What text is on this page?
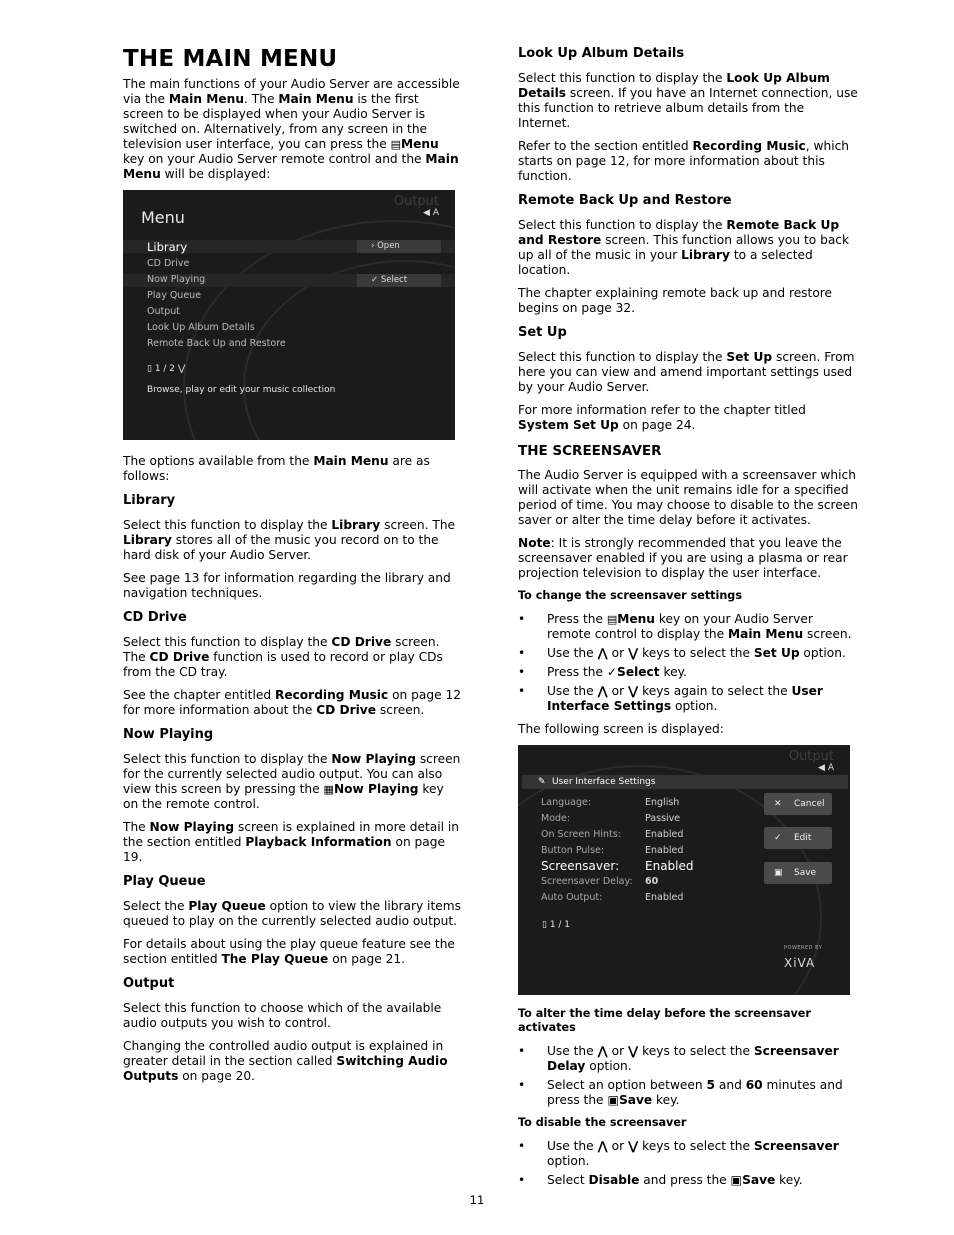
THE MAIN MENU

The main functions of your Audio Server are accessible via the Main Menu. The Main Menu is the first screen to be displayed when your Audio Server is switched on. Alternatively, from any screen in the television user interface, you can press the ▤Menu key on your Audio Server remote control and the Main Menu will be displayed:

Output
◀ A
Menu
Library
CD Drive
Now Playing
Play Queue
Output
Look Up Album Details
Remote Back Up and Restore
› Open
✓ Select
▯ 1 / 2 ⋁
Browse, play or edit your music collection

The options available from the Main Menu are as follows:

Library

Select this function to display the Library screen. The Library stores all of the music you record on to the hard disk of your Audio Server.

See page 13 for information regarding the library and navigation techniques.

CD Drive

Select this function to display the CD Drive screen. The CD Drive function is used to record or play CDs from the CD tray.

See the chapter entitled Recording Music on page 12 for more information about the CD Drive screen.

Now Playing

Select this function to display the Now Playing screen for the currently selected audio output. You can also view this screen by pressing the ▦Now Playing key on the remote control.

The Now Playing screen is explained in more detail in the section entitled Playback Information on page 19.

Play Queue

Select the Play Queue option to view the library items queued to play on the currently selected audio output.

For details about using the play queue feature see the section entitled The Play Queue on page 21.

Output

Select this function to choose which of the available audio outputs you wish to control.

Changing the controlled audio output is explained in greater detail in the section called Switching Audio Outputs on page 20.

Look Up Album Details

Select this function to display the Look Up Album Details screen. If you have an Internet connection, use this function to retrieve album details from the Internet.

Refer to the section entitled Recording Music, which starts on page 12, for more information about this function.

Remote Back Up and Restore

Select this function to display the Remote Back Up and Restore screen. This function allows you to back up all of the music in your Library to a selected location.

The chapter explaining remote back up and restore begins on page 32.

Set Up

Select this function to display the Set Up screen. From here you can view and amend important settings used by your Audio Server.

For more information refer to the chapter titled System Set Up on page 24.

THE SCREENSAVER

The Audio Server is equipped with a screensaver which will activate when the unit remains idle for a specified period of time. You may choose to disable to the screen saver or alter the time delay before it activates.

Note: It is strongly recommended that you leave the screensaver enabled if you are using a plasma or rear projection television to display the user interface.

To change the screensaver settings
• Press the ▤Menu key on your Audio Server remote control to display the Main Menu screen.
• Use the ⋀ or ⋁ keys to select the Set Up option.
• Press the ✓Select key.
• Use the ⋀ or ⋁ keys again to select the User Interface Settings option.

The following screen is displayed:

Output
◀ A
✎ User Interface Settings
Language:	English
Mode:	Passive
On Screen Hints:	Enabled
Button Pulse:	Enabled
Screensaver: Enabled
Screensaver Delay: 60
Auto Output:	Enabled
✕ Cancel
✓ Edit
▣ Save
▯ 1 / 1
POWERED BY
XiVA
To alter the time delay before the screensaver activates
• Use the ⋀ or ⋁ keys to select the Screensaver Delay option.
• Select an option between 5 and 60 minutes and press the ▣Save key.
To disable the screensaver
• Use the ⋀ or ⋁ keys to select the Screensaver option.
• Select Disable and press the ▣Save key.
11
